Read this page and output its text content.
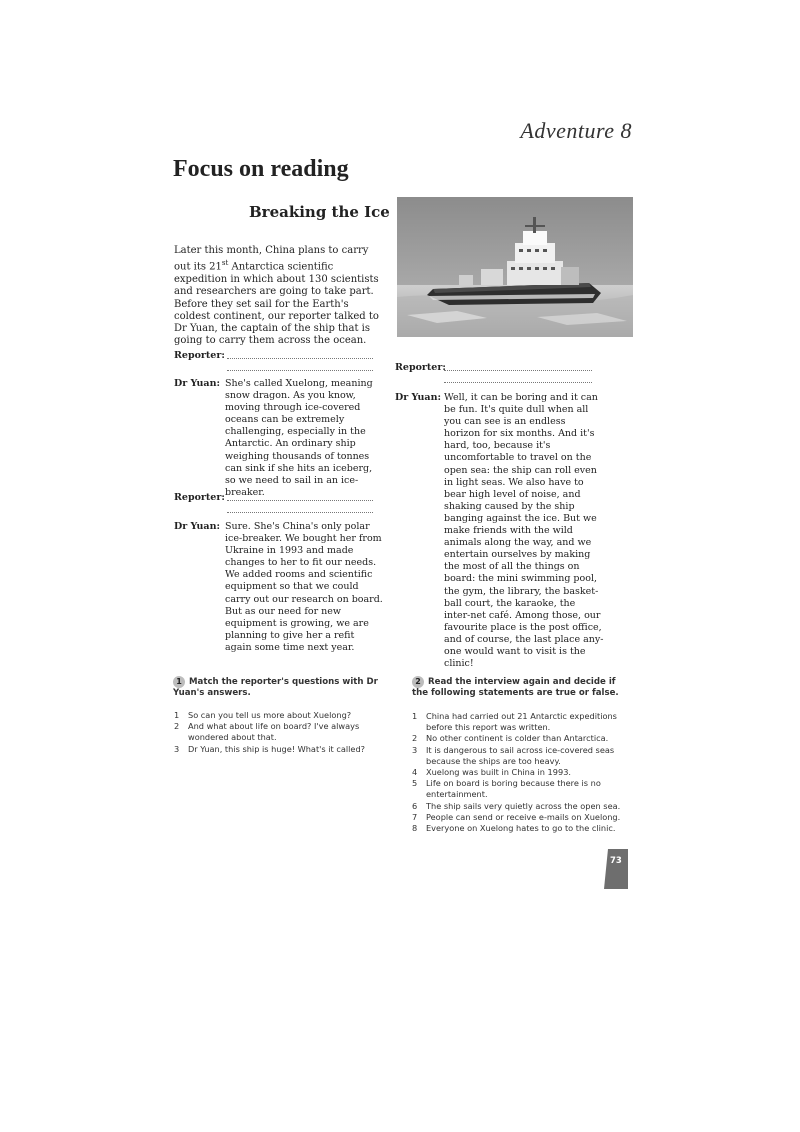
Adventure 8
Focus on reading
Breaking the Ice
Later this month, China plans to carry out its 21st Antarctica scientific expedition in which about 130 scientists and researchers are going to take part. Before they set sail for the Earth's coldest continent, our reporter talked to Dr Yuan, the captain of the ship that is going to carry them across the ocean.
Reporter:
Dr Yuan: She's called Xuelong, meaning snow dragon. As you know, moving through ice-covered oceans can be extremely challenging, especially in the Antarctic. An ordinary ship weighing thousands of tonnes can sink if she hits an iceberg, so we need to sail in an ice-breaker.
Reporter:
Dr Yuan: Sure. She's China's only polar ice-breaker. We bought her from Ukraine in 1993 and made changes to her to fit our needs. We added rooms and scientific equipment so that we could carry out our research on board. But as our need for new equipment is growing, we are planning to give her a refit again some time next year.
Reporter:
Dr Yuan: Well, it can be boring and it can be fun. It's quite dull when all you can see is an endless horizon for six months. And it's hard, too, because it's uncomfortable to travel on the open sea: the ship can roll even in light seas. We also have to bear high level of noise, and shaking caused by the ship banging against the ice. But we make friends with the wild animals along the way, and we entertain ourselves by making the most of all the things on board: the mini swimming pool, the gym, the library, the basket-ball court, the karaoke, the inter-net café. Among those, our favourite place is the post office, and of course, the last place any-one would want to visit is the clinic!
1 Match the reporter's questions with Dr Yuan's answers.
1 So can you tell us more about Xuelong?
2 And what about life on board? I've always wondered about that.
3 Dr Yuan, this ship is huge! What's it called?
2 Read the interview again and decide if the following statements are true or false.
1 China had carried out 21 Antarctic expeditions before this report was written.
2 No other continent is colder than Antarctica.
3 It is dangerous to sail across ice-covered seas because the ships are too heavy.
4 Xuelong was built in China in 1993.
5 Life on board is boring because there is no entertainment.
6 The ship sails very quietly across the open sea.
7 People can send or receive e-mails on Xuelong.
8 Everyone on Xuelong hates to go to the clinic.
73
